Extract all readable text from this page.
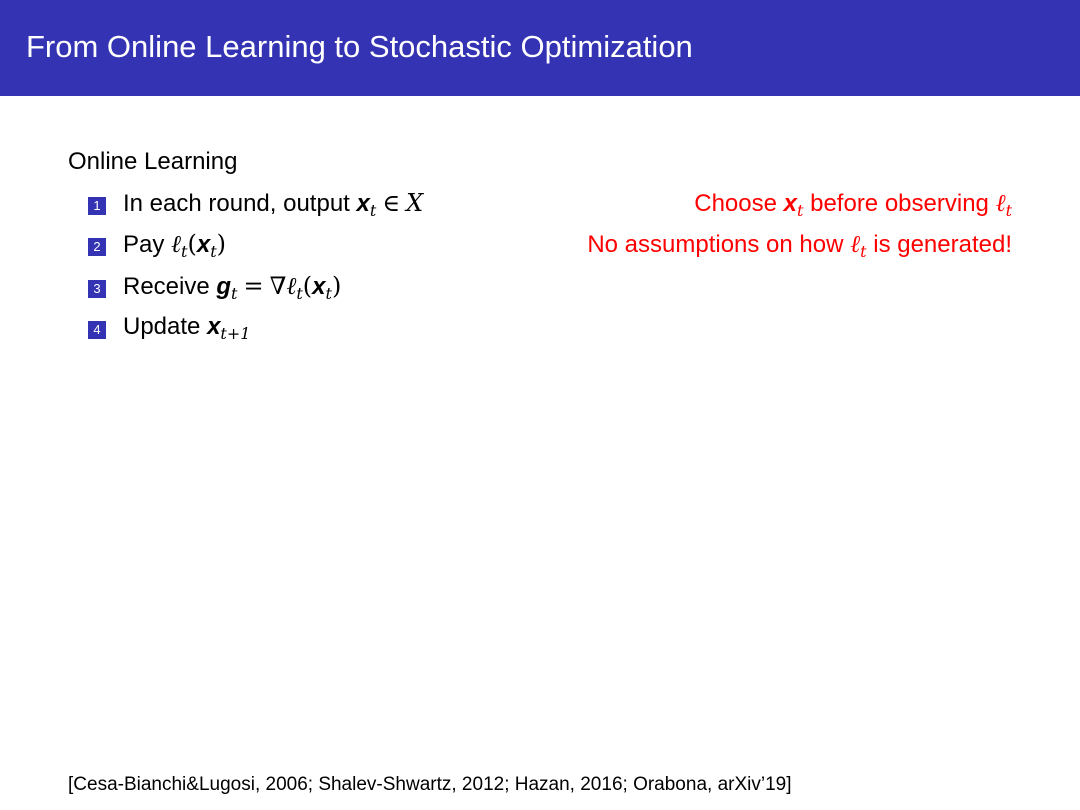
From Online Learning to Stochastic Optimization
Online Learning
1 In each round, output $x_t$ ∈ X
2 Pay $\ell_t(x_t)$
3 Receive $g_t$ = $\nabla\ell_t(x_t)$
4 Update $x_{t+1}$
Choose $x_t$ before observing ℓ$_t$
No assumptions on how ℓ$_t$ is generated!
[Cesa-Bianchi&Lugosi, 2006; Shalev-Shwartz, 2012; Hazan, 2016; Orabona, arXiv’19]
